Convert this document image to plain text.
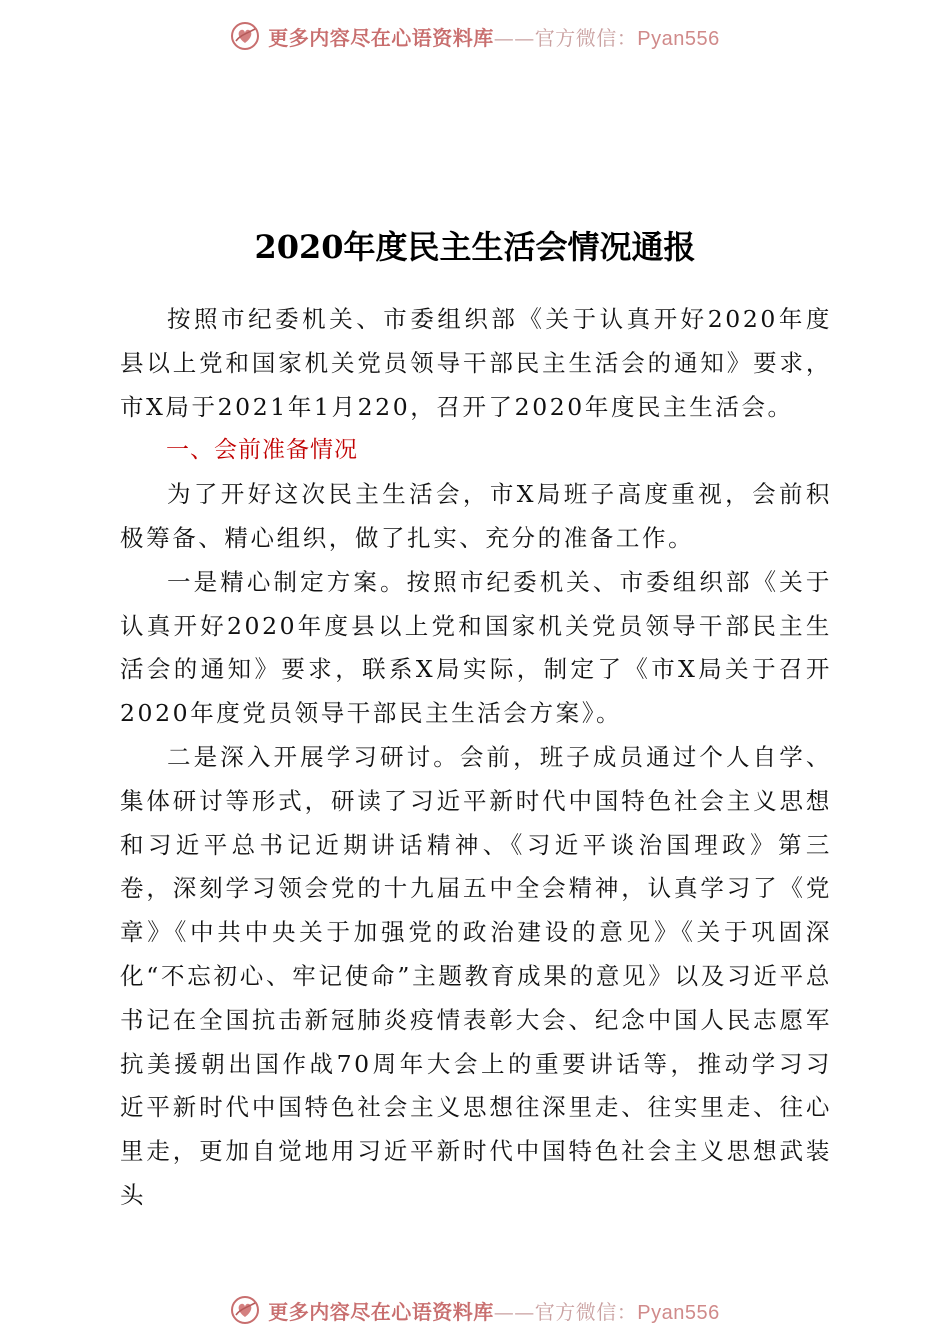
更多内容尽在心语资料库——官方微信：Pyan556
2020年度民主生活会情况通报

按照市纪委机关、市委组织部《关于认真开好2020年度县以上党和国家机关党员领导干部民主生活会的通知》要求，市X局于2021年1月220，召开了2020年度民主生活会。

一、会前准备情况

为了开好这次民主生活会，市X局班子高度重视，会前积极筹备、精心组织，做了扎实、充分的准备工作。

一是精心制定方案。按照市纪委机关、市委组织部《关于认真开好2020年度县以上党和国家机关党员领导干部民主生活会的通知》要求，联系X局实际，制定了《市X局关于召开2020年度党员领导干部民主生活会方案》。

二是深入开展学习研讨。会前，班子成员通过个人自学、集体研讨等形式，研读了习近平新时代中国特色社会主义思想和习近平总书记近期讲话精神、《习近平谈治国理政》第三卷，深刻学习领会党的十九届五中全会精神，认真学习了《党章》《中共中央关于加强党的政治建设的意见》《关于巩固深化“不忘初心、牢记使命”主题教育成果的意见》以及习近平总书记在全国抗击新冠肺炎疫情表彰大会、纪念中国人民志愿军抗美援朝出国作战70周年大会上的重要讲话等，推动学习习近平新时代中国特色社会主义思想往深里走、往实里走、往心里走，更加自觉地用习近平新时代中国特色社会主义思想武装头

更多内容尽在心语资料库——官方微信：Pyan556
